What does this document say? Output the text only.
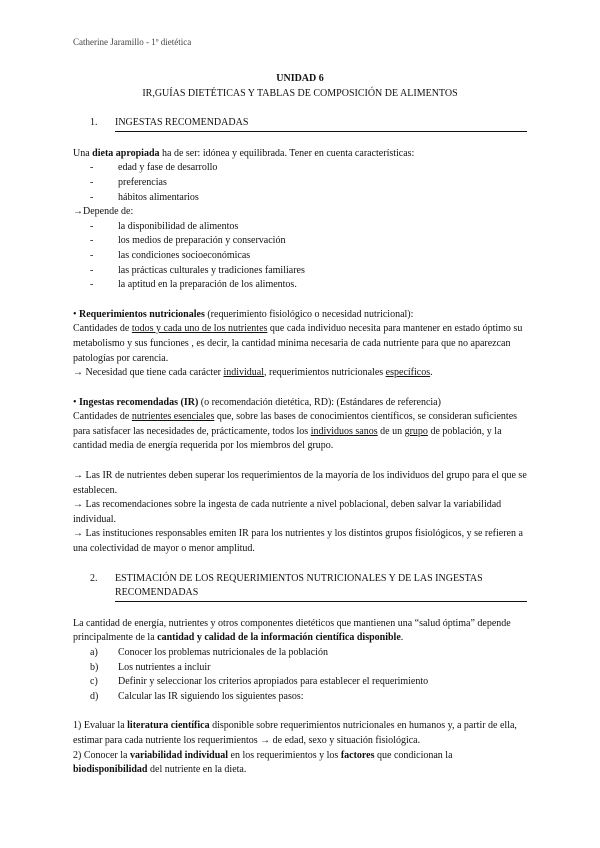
Catherine Jaramillo - 1º dietética

UNIDAD 6

IR,GUÍAS DIETÉTICAS Y TABLAS DE COMPOSICIÓN DE ALIMENTOS

1.	INGESTAS RECOMENDADAS

Una dieta apropiada ha de ser: idónea y equilibrada. Tener en cuenta características:

-	edad y fase de desarrollo
-	preferencias
-	hábitos alimentarios

→Depende de:

-	la disponibilidad de alimentos
-	los medios de preparación y conservación
-	las condiciones socioeconómicas
-	las prácticas culturales y tradiciones familiares
-	la aptitud en la preparación de los alimentos.

• Requerimientos nutricionales (requerimiento fisiológico o necesidad nutricional):

Cantidades de todos y cada uno de los nutrientes que cada individuo necesita para mantener en estado óptimo su metabolismo y sus funciones , es decir, la cantidad mínima necesaria de cada nutriente para que no aparezcan patologías por carencia.

→ Necesidad que tiene cada carácter individual, requerimientos nutricionales específicos.

• Ingestas recomendadas (IR) (o recomendación dietética, RD): (Estándares de referencia)

Cantidades de nutrientes esenciales que, sobre las bases de conocimientos científicos, se consideran suficientes para satisfacer las necesidades de, prácticamente, todos los individuos sanos de un grupo de población, y la cantidad media de energía requerida por los miembros del grupo.

→ Las IR de nutrientes deben superar los requerimientos de la mayoría de los individuos del grupo para el que se establecen.

→ Las recomendaciones sobre la ingesta de cada nutriente a nivel poblacional, deben salvar la variabilidad individual.

→ Las instituciones responsables emiten IR para los nutrientes y los distintos grupos fisiológicos, y se refieren a una colectividad de mayor o menor amplitud.

2.	ESTIMACIÓN DE LOS REQUERIMIENTOS NUTRICIONALES Y DE LAS INGESTAS RECOMENDADAS

La cantidad de energía, nutrientes y otros componentes dietéticos que mantienen una “salud óptima” depende principalmente de la cantidad y calidad de la información científica disponible.

a)	Conocer los problemas nutricionales de la población
b)	Los nutrientes a incluir
c)	Definir y seleccionar los criterios apropiados para establecer el requerimiento
d)	Calcular las IR siguiendo los siguientes pasos:

1) Evaluar la literatura científica disponible sobre requerimientos nutricionales en humanos y, a partir de ella, estimar para cada nutriente los requerimientos → de edad, sexo y situación fisiológica.

2) Conocer la variabilidad individual en los requerimientos y los factores que condicionan la biodisponibilidad del nutriente en la dieta.
